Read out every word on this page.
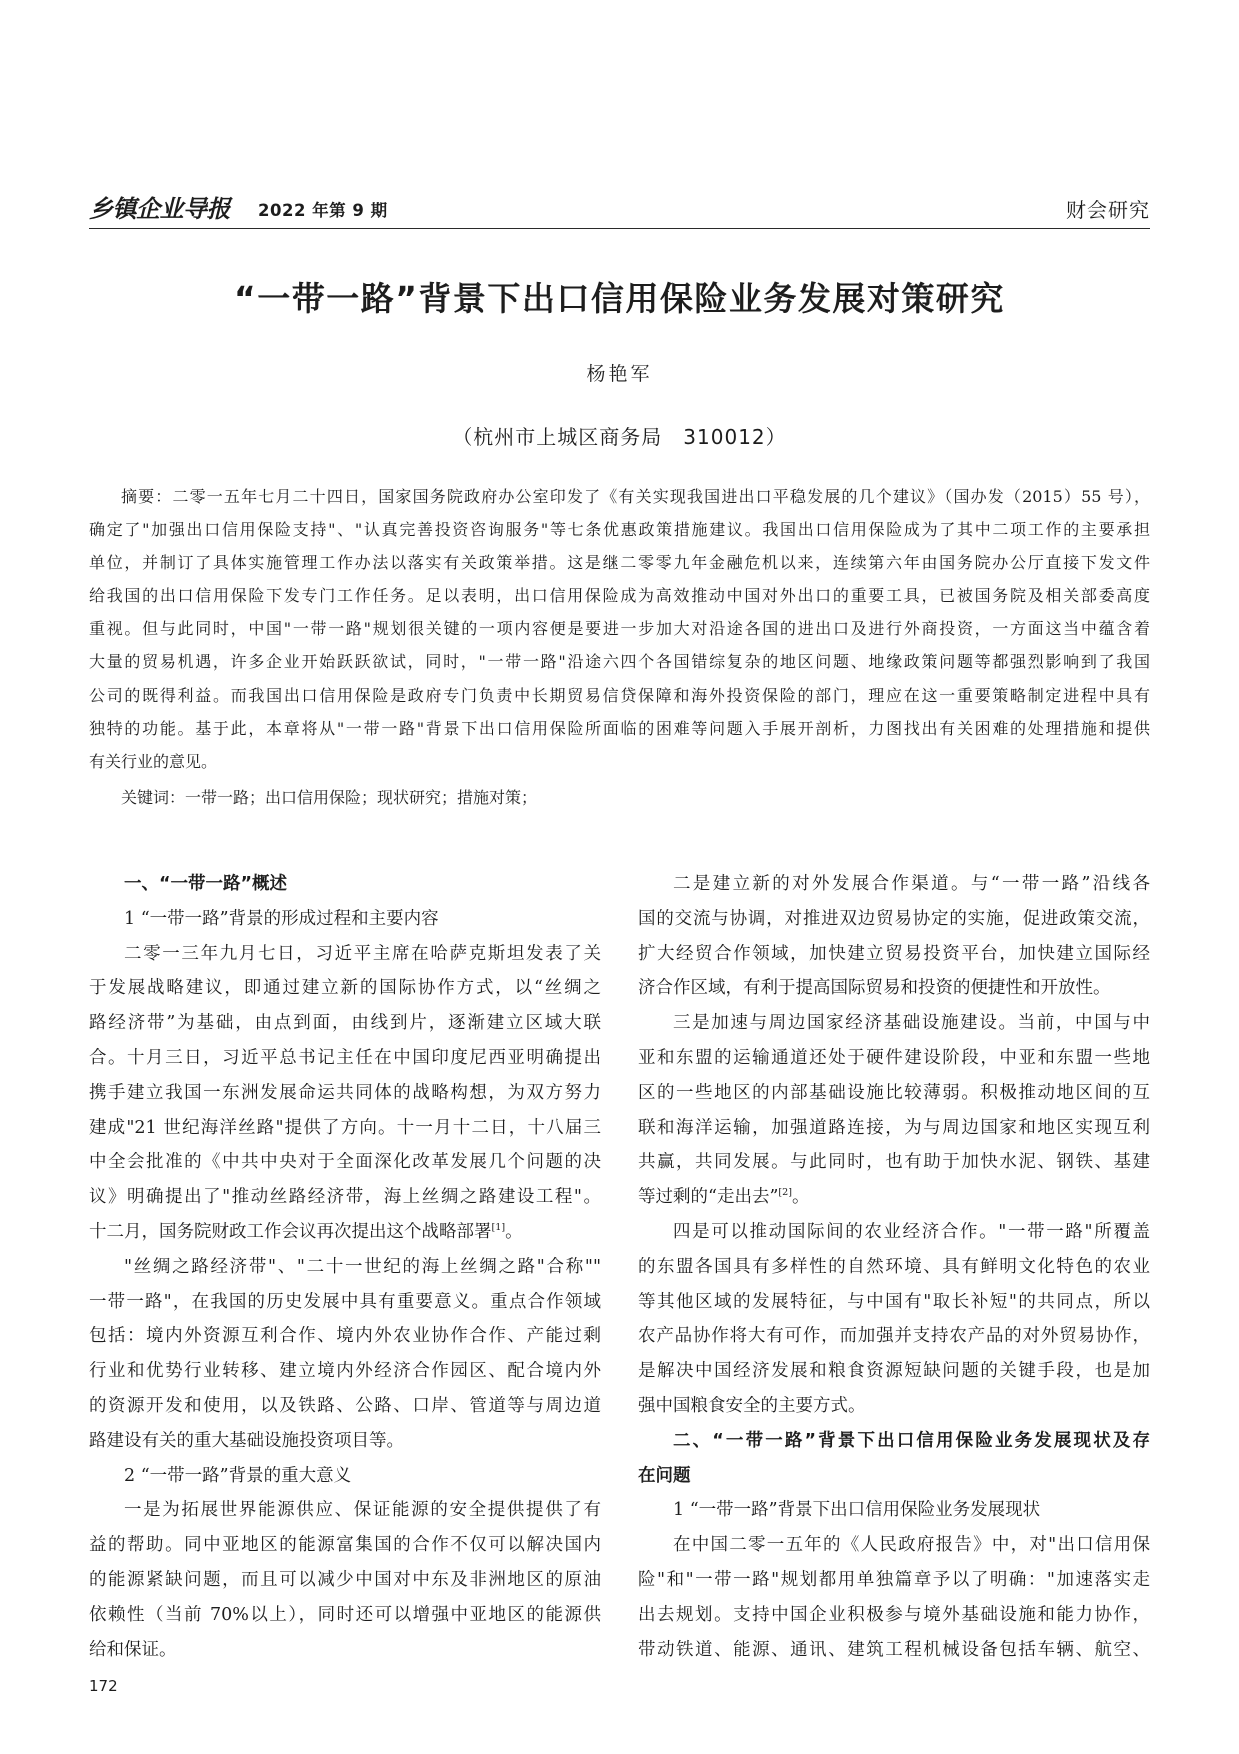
乡镇企业导报 2022 年第 9 期	财会研究
“一带一路”背景下出口信用保险业务发展对策研究
杨艳军
（杭州市上城区商务局　310012）
摘要：二零一五年七月二十四日，国家国务院政府办公室印发了《有关实现我国进出口平稳发展的几个建议》（国办发（2015）55 号），
确定了"加强出口信用保险支持"、"认真完善投资咨询服务"等七条优惠政策措施建议。我国出口信用保险成为了其中二项工作的主要承担
单位，并制订了具体实施管理工作办法以落实有关政策举措。这是继二零零九年金融危机以来，连续第六年由国务院办公厅直接下发文件
给我国的出口信用保险下发专门工作任务。足以表明，出口信用保险成为高效推动中国对外出口的重要工具，已被国务院及相关部委高度
重视。但与此同时，中国"一带一路"规划很关键的一项内容便是要进一步加大对沿途各国的进出口及进行外商投资，一方面这当中蕴含着
大量的贸易机遇，许多企业开始跃跃欲试，同时，"一带一路"沿途六四个各国错综复杂的地区问题、地缘政策问题等都强烈影响到了我国
公司的既得利益。而我国出口信用保险是政府专门负责中长期贸易信贷保障和海外投资保险的部门，理应在这一重要策略制定进程中具有
独特的功能。基于此，本章将从"一带一路"背景下出口信用保险所面临的困难等问题入手展开剖析，力图找出有关困难的处理措施和提供
有关行业的意见。
关键词：一带一路；出口信用保险；现状研究；措施对策；
一、“一带一路”概述
1 “一带一路”背景的形成过程和主要内容
二零一三年九月七日，习近平主席在哈萨克斯坦发表了关
于发展战略建议，即通过建立新的国际协作方式，以“丝绸之
路经济带”为基础，由点到面，由线到片，逐渐建立区域大联
合。十月三日，习近平总书记主任在中国印度尼西亚明确提出
携手建立我国一东洲发展命运共同体的战略构想，为双方努力
建成"21 世纪海洋丝路"提供了方向。十一月十二日，十八届三
中全会批准的《中共中央对于全面深化改革发展几个问题的决
议》明确提出了"推动丝路经济带，海上丝绸之路建设工程"。
十二月，国务院财政工作会议再次提出这个战略部署[1]。
"丝绸之路经济带"、"二十一世纪的海上丝绸之路"合称""
一带一路"，在我国的历史发展中具有重要意义。重点合作领域
包括：境内外资源互利合作、境内外农业协作合作、产能过剩
行业和优势行业转移、建立境内外经济合作园区、配合境内外
的资源开发和使用，以及铁路、公路、口岸、管道等与周边道
路建设有关的重大基础设施投资项目等。
2 “一带一路”背景的重大意义
一是为拓展世界能源供应、保证能源的安全提供提供了有
益的帮助。同中亚地区的能源富集国的合作不仅可以解决国内
的能源紧缺问题，而且可以减少中国对中东及非洲地区的原油
依赖性（当前 70%以上），同时还可以增强中亚地区的能源供
给和保证。
二是建立新的对外发展合作渠道。与“一带一路”沿线各
国的交流与协调，对推进双边贸易协定的实施，促进政策交流，
扩大经贸合作领域，加快建立贸易投资平台，加快建立国际经
济合作区域，有利于提高国际贸易和投资的便捷性和开放性。
三是加速与周边国家经济基础设施建设。当前，中国与中
亚和东盟的运输通道还处于硬件建设阶段，中亚和东盟一些地
区的一些地区的内部基础设施比较薄弱。积极推动地区间的互
联和海洋运输，加强道路连接，为与周边国家和地区实现互利
共赢，共同发展。与此同时，也有助于加快水泥、钢铁、基建
等过剩的“走出去”[2]。
四是可以推动国际间的农业经济合作。"一带一路"所覆盖
的东盟各国具有多样性的自然环境、具有鲜明文化特色的农业
等其他区域的发展特征，与中国有"取长补短"的共同点，所以
农产品协作将大有可作，而加强并支持农产品的对外贸易协作，
是解决中国经济发展和粮食资源短缺问题的关键手段，也是加
强中国粮食安全的主要方式。
二、“一带一路”背景下出口信用保险业务发展现状及存
在问题
1 “一带一路”背景下出口信用保险业务发展现状
在中国二零一五年的《人民政府报告》中，对"出口信用保
险"和"一带一路"规划都用单独篇章予以了明确："加速落实走
出去规划。支持中国企业积极参与境外基础设施和能力协作，
带动铁道、能源、通讯、建筑工程机械设备包括车辆、航空、
172
